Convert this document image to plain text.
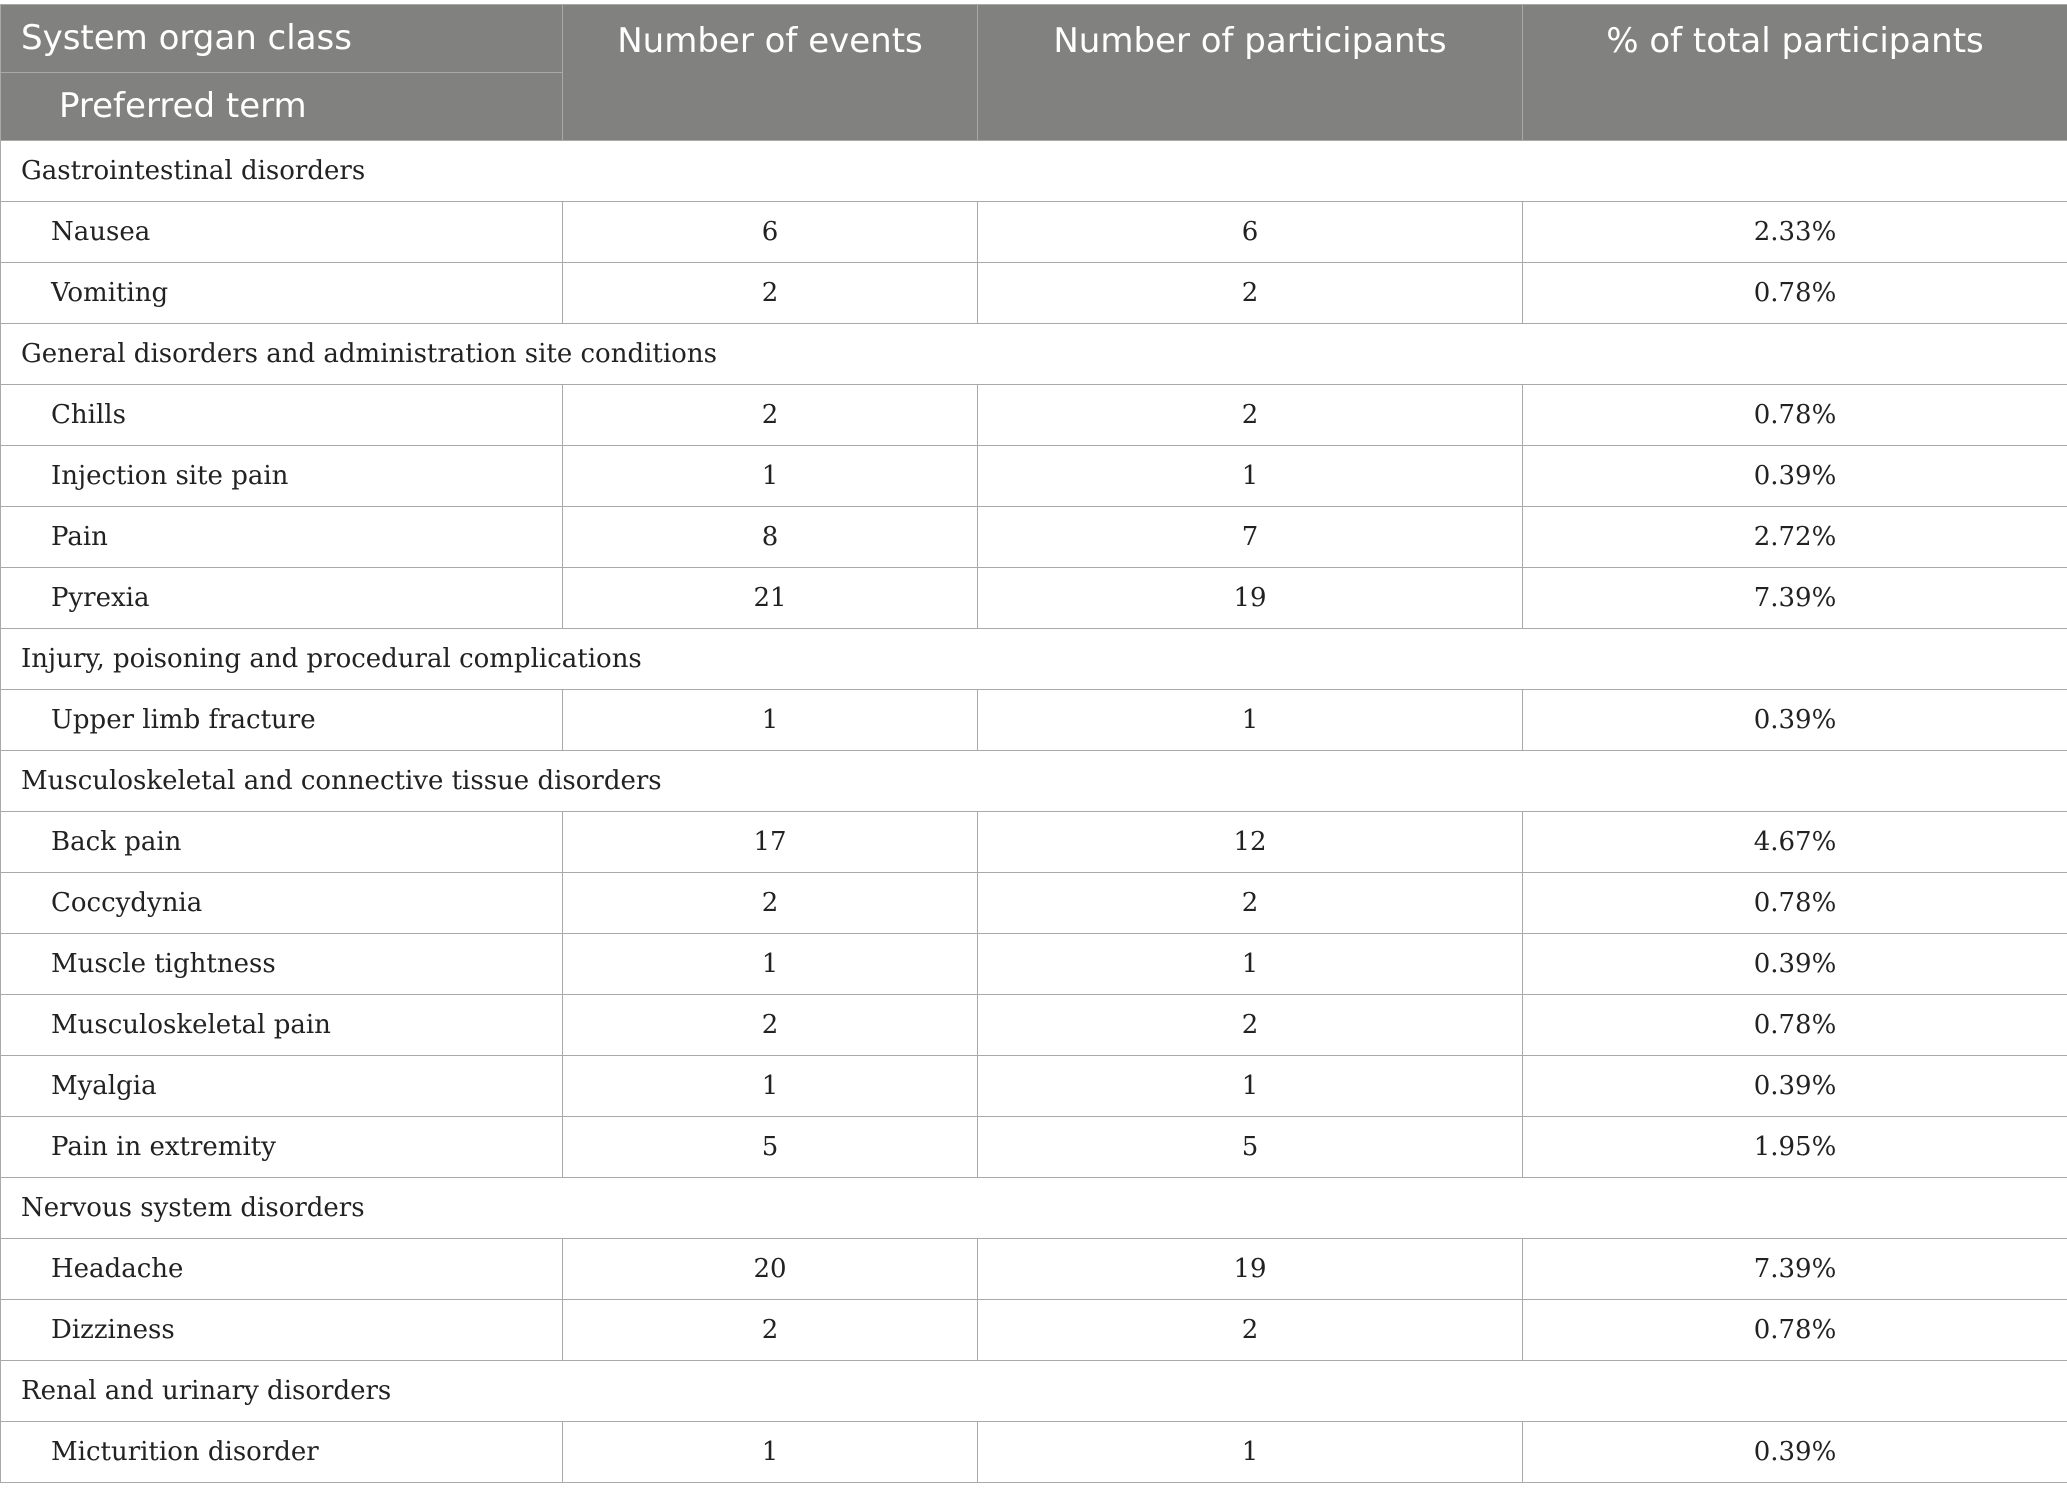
System organ class
Preferred term	Number of events	Number of participants	% of total participants
Gastrointestinal disorders			
Nausea	6	6	2.33%
Vomiting	2	2	0.78%
General disorders and administration site conditions			
Chills	2	2	0.78%
Injection site pain	1	1	0.39%
Pain	8	7	2.72%
Pyrexia	21	19	7.39%
Injury, poisoning and procedural complications			
Upper limb fracture	1	1	0.39%
Musculoskeletal and connective tissue disorders			
Back pain	17	12	4.67%
Coccydynia	2	2	0.78%
Muscle tightness	1	1	0.39%
Musculoskeletal pain	2	2	0.78%
Myalgia	1	1	0.39%
Pain in extremity	5	5	1.95%
Nervous system disorders			
Headache	20	19	7.39%
Dizziness	2	2	0.78%
Renal and urinary disorders			
Micturition disorder	1	1	0.39%
